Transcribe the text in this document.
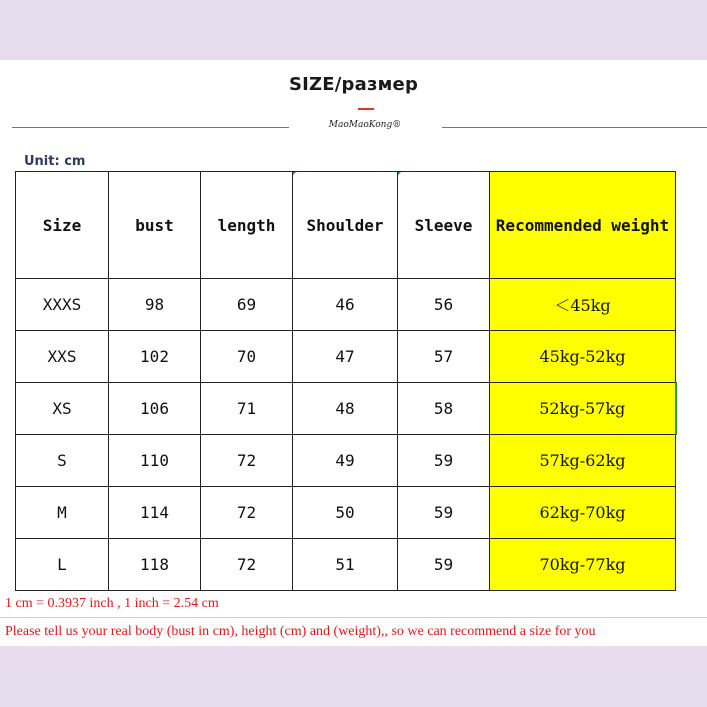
SIZE/размер
MaoMaoKong®
Unit: cm
Size	bust	length	Shoulder	Sleeve	Recommended weight
XXXS	98	69	46	56	＜45kg
XXS	102	70	47	57	45kg-52kg
XS	106	71	48	58	52kg-57kg
S	110	72	49	59	57kg-62kg
M	114	72	50	59	62kg-70kg
L	118	72	51	59	70kg-77kg
1 cm = 0.3937 inch , 1 inch = 2.54 cm
Please tell us your real body (bust in cm), height (cm) and (weight),, so we can recommend a size for you
